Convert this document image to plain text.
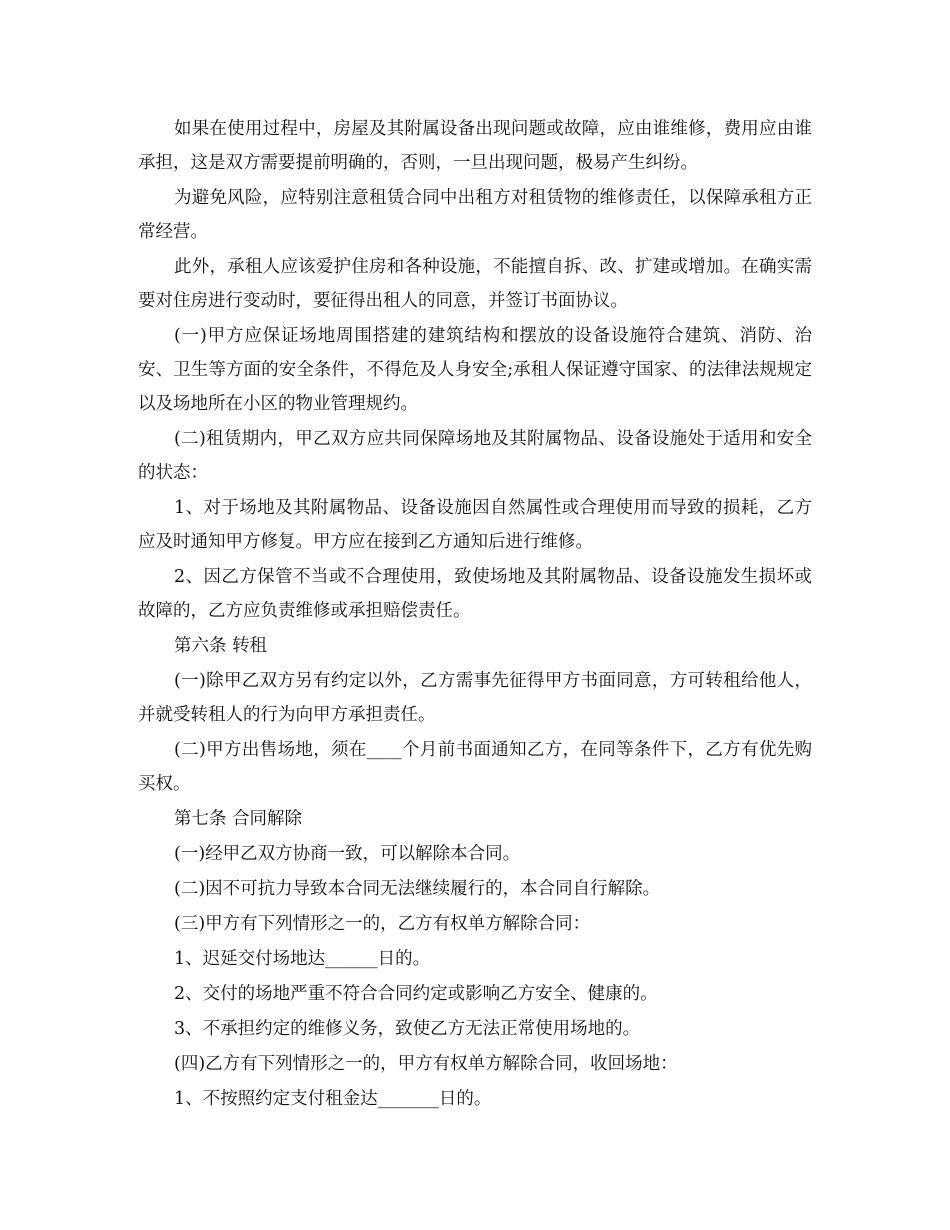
如果在使用过程中，房屋及其附属设备出现问题或故障，应由谁维修，费用应由谁承担，这是双方需要提前明确的，否则，一旦出现问题，极易产生纠纷。

为避免风险，应特别注意租赁合同中出租方对租赁物的维修责任，以保障承租方正常经营。

此外，承租人应该爱护住房和各种设施，不能擅自拆、改、扩建或增加。在确实需要对住房进行变动时，要征得出租人的同意，并签订书面协议。

(一)甲方应保证场地周围搭建的建筑结构和摆放的设备设施符合建筑、消防、治安、卫生等方面的安全条件，不得危及人身安全;承租人保证遵守国家、的法律法规规定以及场地所在小区的物业管理规约。

(二)租赁期内，甲乙双方应共同保障场地及其附属物品、设备设施处于适用和安全的状态：

1、对于场地及其附属物品、设备设施因自然属性或合理使用而导致的损耗，乙方应及时通知甲方修复。甲方应在接到乙方通知后进行维修。

2、因乙方保管不当或不合理使用，致使场地及其附属物品、设备设施发生损坏或故障的，乙方应负责维修或承担赔偿责任。

第六条 转租

(一)除甲乙双方另有约定以外，乙方需事先征得甲方书面同意，方可转租给他人，并就受转租人的行为向甲方承担责任。

(二)甲方出售场地，须在____个月前书面通知乙方，在同等条件下，乙方有优先购买权。

第七条 合同解除

(一)经甲乙双方协商一致，可以解除本合同。

(二)因不可抗力导致本合同无法继续履行的，本合同自行解除。

(三)甲方有下列情形之一的，乙方有权单方解除合同：

1、迟延交付场地达______日的。

2、交付的场地严重不符合合同约定或影响乙方安全、健康的。

3、不承担约定的维修义务，致使乙方无法正常使用场地的。

(四)乙方有下列情形之一的，甲方有权单方解除合同，收回场地：

1、不按照约定支付租金达_______日的。
